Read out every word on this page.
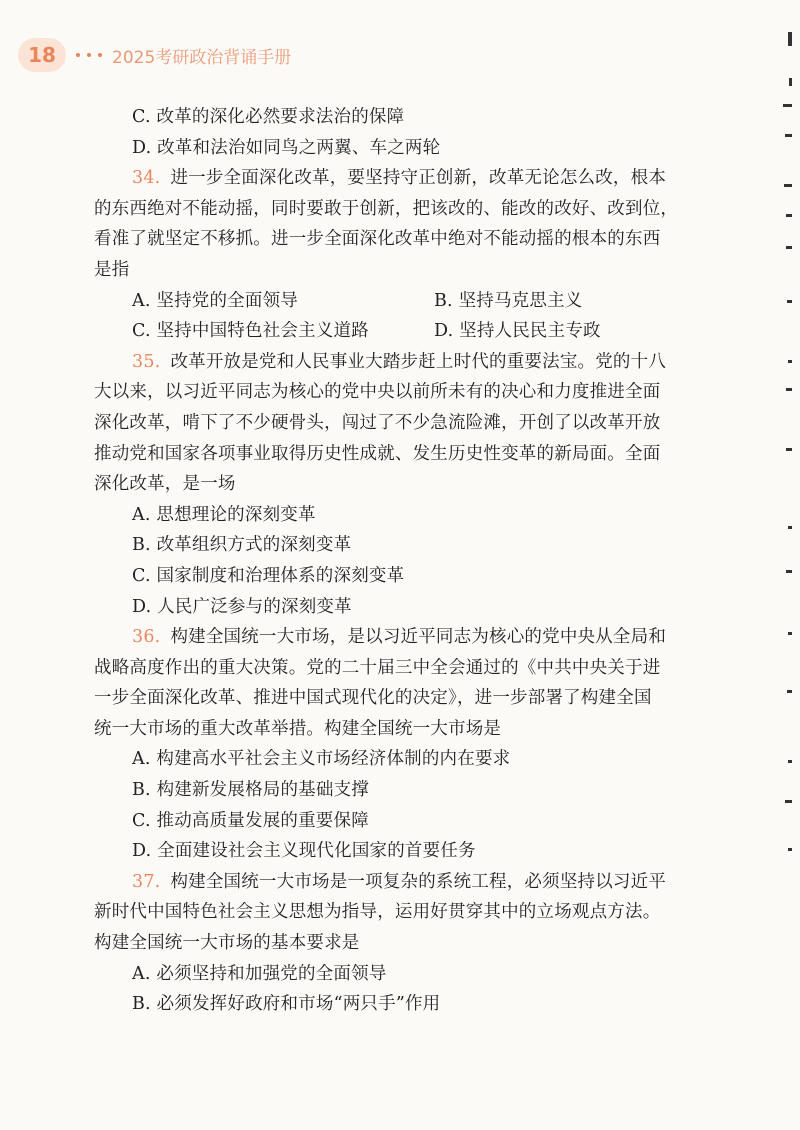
18	2025考研政治背诵手册
C. 改革的深化必然要求法治的保障
D. 改革和法治如同鸟之两翼、车之两轮
34. 进一步全面深化改革，要坚持守正创新，改革无论怎么改，根本
的东西绝对不能动摇，同时要敢于创新，把该改的、能改的改好、改到位，
看准了就坚定不移抓。进一步全面深化改革中绝对不能动摇的根本的东西
是指
A. 坚持党的全面领导	B. 坚持马克思主义
C. 坚持中国特色社会主义道路	D. 坚持人民民主专政
35. 改革开放是党和人民事业大踏步赶上时代的重要法宝。党的十八
大以来，以习近平同志为核心的党中央以前所未有的决心和力度推进全面
深化改革，啃下了不少硬骨头，闯过了不少急流险滩，开创了以改革开放
推动党和国家各项事业取得历史性成就、发生历史性变革的新局面。全面
深化改革，是一场
A. 思想理论的深刻变革
B. 改革组织方式的深刻变革
C. 国家制度和治理体系的深刻变革
D. 人民广泛参与的深刻变革
36. 构建全国统一大市场，是以习近平同志为核心的党中央从全局和
战略高度作出的重大决策。党的二十届三中全会通过的《中共中央关于进
一步全面深化改革、推进中国式现代化的决定》，进一步部署了构建全国
统一大市场的重大改革举措。构建全国统一大市场是
A. 构建高水平社会主义市场经济体制的内在要求
B. 构建新发展格局的基础支撑
C. 推动高质量发展的重要保障
D. 全面建设社会主义现代化国家的首要任务
37. 构建全国统一大市场是一项复杂的系统工程，必须坚持以习近平
新时代中国特色社会主义思想为指导，运用好贯穿其中的立场观点方法。
构建全国统一大市场的基本要求是
A. 必须坚持和加强党的全面领导
B. 必须发挥好政府和市场“两只手”作用
